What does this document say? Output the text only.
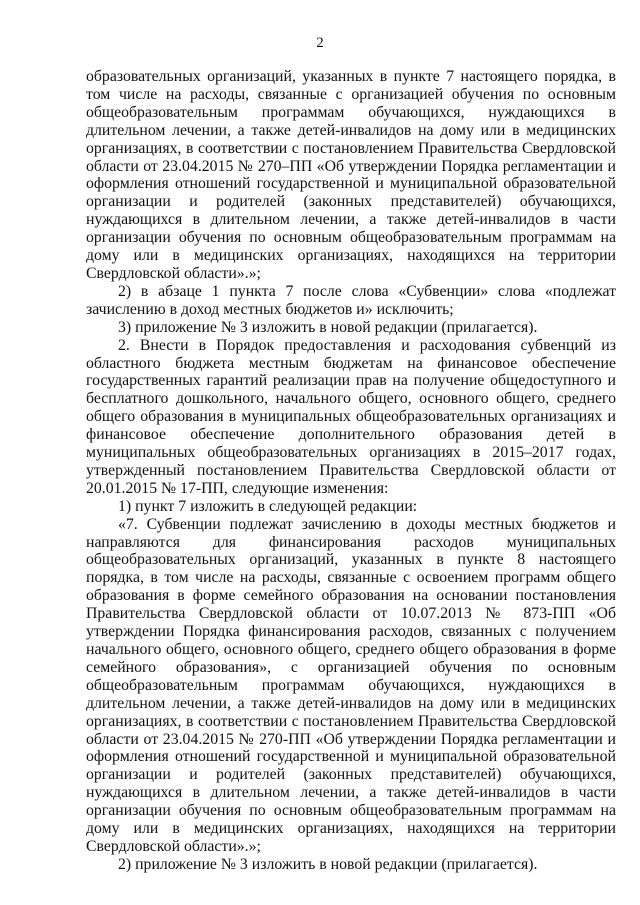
2

образовательных организаций, указанных в пункте 7 настоящего порядка, в том числе на расходы, связанные с организацией обучения по основным общеобразовательным программам обучающихся, нуждающихся в длительном лечении, а также детей-инвалидов на дому или в медицинских организациях, в соответствии с постановлением Правительства Свердловской области от 23.04.2015 № 270–ПП «Об утверждении Порядка регламентации и оформления отношений государственной и муниципальной образовательной организации и родителей (законных представителей) обучающихся, нуждающихся в длительном лечении, а также детей-инвалидов в части организации обучения по основным общеобразовательным программам на дому или в медицинских организациях, находящихся на территории Свердловской области».»;

2) в абзаце 1 пункта 7 после слова «Субвенции» слова «подлежат зачислению в доход местных бюджетов и» исключить;

3) приложение № 3 изложить в новой редакции (прилагается).

2. Внести в Порядок предоставления и расходования субвенций из областного бюджета местным бюджетам на финансовое обеспечение государственных гарантий реализации прав на получение общедоступного и бесплатного дошкольного, начального общего, основного общего, среднего общего образования в муниципальных общеобразовательных организациях и финансовое обеспечение дополнительного образования детей в муниципальных общеобразовательных организациях в 2015–2017 годах, утвержденный постановлением Правительства Свердловской области от 20.01.2015 № 17-ПП, следующие изменения:

1) пункт 7 изложить в следующей редакции:

«7. Субвенции подлежат зачислению в доходы местных бюджетов и направляются для финансирования расходов муниципальных общеобразовательных организаций, указанных в пункте 8 настоящего порядка, в том числе на расходы, связанные с освоением программ общего образования в форме семейного образования на основании постановления Правительства Свердловской области от 10.07.2013 № 873-ПП «Об утверждении Порядка финансирования расходов, связанных с получением начального общего, основного общего, среднего общего образования в форме семейного образования», с организацией обучения по основным общеобразовательным программам обучающихся, нуждающихся в длительном лечении, а также детей-инвалидов на дому или в медицинских организациях, в соответствии с постановлением Правительства Свердловской области от 23.04.2015 № 270-ПП «Об утверждении Порядка регламентации и оформления отношений государственной и муниципальной образовательной организации и родителей (законных представителей) обучающихся, нуждающихся в длительном лечении, а также детей-инвалидов в части организации обучения по основным общеобразовательным программам на дому или в медицинских организациях, находящихся на территории Свердловской области».»;

2) приложение № 3 изложить в новой редакции (прилагается).
